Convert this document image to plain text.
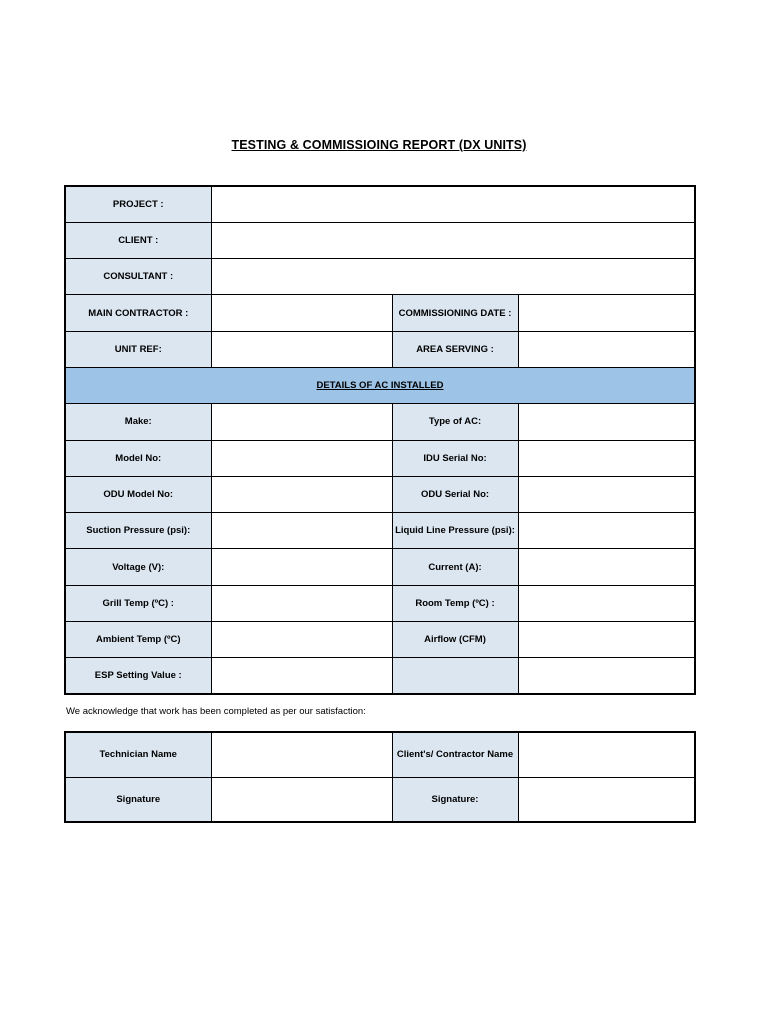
TESTING & COMMISSIOING REPORT (DX UNITS)
PROJECT :			
CLIENT :			
CONSULTANT :			
MAIN CONTRACTOR :		COMMISSIONING DATE :	
UNIT REF:		AREA SERVING :	
DETAILS OF AC INSTALLED			
Make:		Type of AC:	
Model No:		IDU Serial No:	
ODU Model No:		ODU Serial No:	
Suction Pressure (psi):		Liquid Line Pressure (psi):	
Voltage (V):		Current (A):	
Grill Temp (ºC) :		Room Temp (ºC) :	
Ambient Temp (ºC)		Airflow (CFM)	
ESP Setting Value :			
We acknowledge that work has been completed as per our satisfaction:
Technician Name		Client's/ Contractor Name	
Signature		Signature:	
